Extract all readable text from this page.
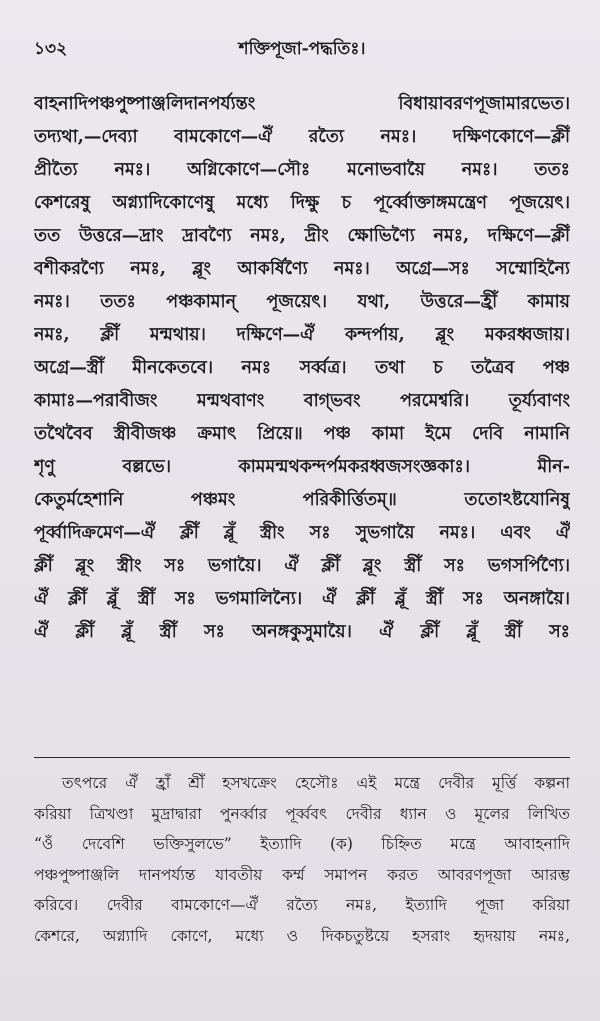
১৩২	শক্তিপূজা-পদ্ধতিঃ।
বাহনাদিপঞ্চপুষ্পাঞ্জলিদানপর্য্যন্তং বিধায়াবরণপূজামারভেত।
তদ্যথা,—দেব্যা বামকোণে—ঐঁ রত্যৈ নমঃ। দক্ষিণকোণে—ক্লীঁ
প্রীত্যৈ নমঃ। অগ্নিকোণে—সৌঃ মনোভবায়ৈ নমঃ। ততঃ
কেশরেষু অগ্ন্যাদিকোণেষু মধ্যে দিক্ষু চ পূর্ব্বোক্তাঙ্গমন্ত্রেণ পূজয়েৎ।
তত উত্তরে—দ্রাং দ্রাবণ্যৈ নমঃ, দ্রীং ক্ষোভিণ্যৈ নমঃ, দক্ষিণে—ক্লীঁ
বশীকরণ্যৈ নমঃ, ব্লূং আকর্ষিণ্যৈ নমঃ। অগ্রে—সঃ সম্মোহিন্যৈ
নমঃ। ততঃ পঞ্চকামান্ পূজয়েৎ। যথা, উত্তরে—হ্রীঁ কামায়
নমঃ, ক্লীঁ মন্মথায়। দক্ষিণে—ঐঁ কন্দর্পায়, ব্লূং মকরধ্বজায়।
অগ্রে—স্ত্রীঁ মীনকেতবে। নমঃ সর্ব্বত্র। তথা চ তত্রৈব পঞ্চ
কামাঃ—পরাবীজং মন্মথবাণং বাগ্‌ভবং পরমেশ্বরি। তূর্য্যবাণং
তথৈবৈব স্ত্রীবীজঞ্চ ক্রমাৎ প্রিয়ে॥ পঞ্চ কামা ইমে দেবি নামানি
শৃণু বল্লভে। কামমন্মথকন্দর্পমকরধ্বজসংজ্ঞকাঃ। মীন-
কেতুর্মহেশানি পঞ্চমং পরিকীর্ত্তিতম্॥ ততোঽষ্টযোনিষু
পূর্ব্বাদিক্রমেণ—ঐঁ ক্লীঁ ব্লূঁ স্ত্রীং সঃ সুভগায়ৈ নমঃ। এবং ঐঁ
ক্লীঁ ব্লূং স্ত্রীং সঃ ভগায়ৈ। ঐঁ ক্লীঁ ব্লূং স্ত্রীঁ সঃ ভগসর্পিণ্যৈ।
ঐঁ ক্লীঁ ব্লূঁ স্ত্রীঁ সঃ ভগমালিন্যৈ। ঐঁ ক্লীঁ ব্লূঁ স্ত্রীঁ সঃ অনঙ্গায়ৈ।
ঐঁ ক্লীঁ ব্লূঁ স্ত্রীঁ সঃ অনঙ্গকুসুমায়ৈ। ঐঁ ক্লীঁ ব্লূঁ স্ত্রীঁ সঃ
তৎপরে ঐঁ হ্রাঁ শ্রীঁ হসখক্রেং হেসৌঃ এই মন্ত্রে দেবীর মূর্ত্তি কল্পনা
করিয়া ত্রিখণ্ডা মুদ্রাদ্বারা পুনর্ব্বার পূর্ব্ববৎ দেবীর ধ্যান ও মূলের লিখিত
“ওঁ দেবেশি ভক্তিসুলভে” ইত্যাদি (ক) চিহ্নিত মন্ত্রে আবাহনাদি
পঞ্চপুষ্পাঞ্জলি দানপর্য্যন্ত যাবতীয় কর্ম্ম সমাপন করত আবরণপূজা আরম্ভ
করিবে। দেবীর বামকোণে—ঐঁ রত্যৈ নমঃ, ইত্যাদি পূজা করিয়া
কেশরে, অগ্ন্যাদি কোণে, মধ্যে ও দিকচতুষ্টয়ে হসরাং হৃদয়ায় নমঃ,
